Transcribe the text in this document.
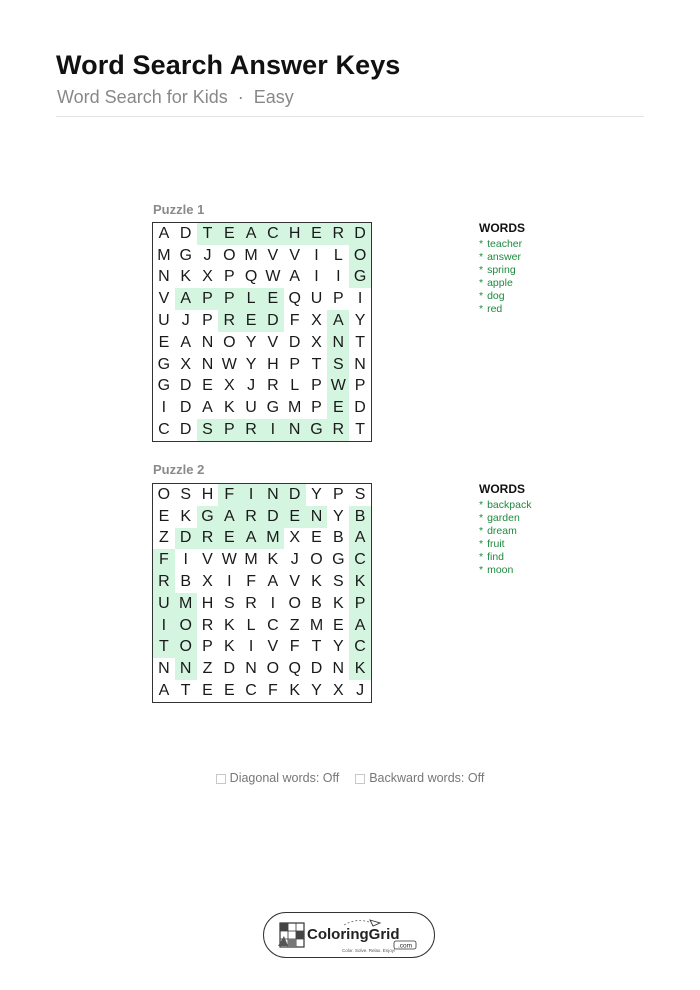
Word Search Answer Keys
Word Search for Kids · Easy
Puzzle 1
A D T E A C H E R D
M G J O M V V I L O
N K X P Q W A I	I G
V A P P L E Q U P I
U J P R E D F X A Y
E A N O Y V D X N T
G X N W Y H P T S N
G D E X J R L P W P
I D A K U G M P E D
C D S P R I N G R T
WORDS
* teacher
* answer
* spring
* apple
* dog
* red
Puzzle 2
O S H F I N D Y P S
E K G A R D E N Y B
Z D R E A M X E B A
F I V W M K J O G C
R B X I F A V K S K
U M H S R I O B K P
I O R K L C Z M E A
T O P K I V F T Y C
N N Z D N O Q D N K
A T E E C F K Y X J
WORDS
* backpack
* garden
* dream
* fruit
* find
* moon
Diagonal words: Off Backward words: Off
ColoringGrid
.com
Color. Solve. Relax. Enjoy!
